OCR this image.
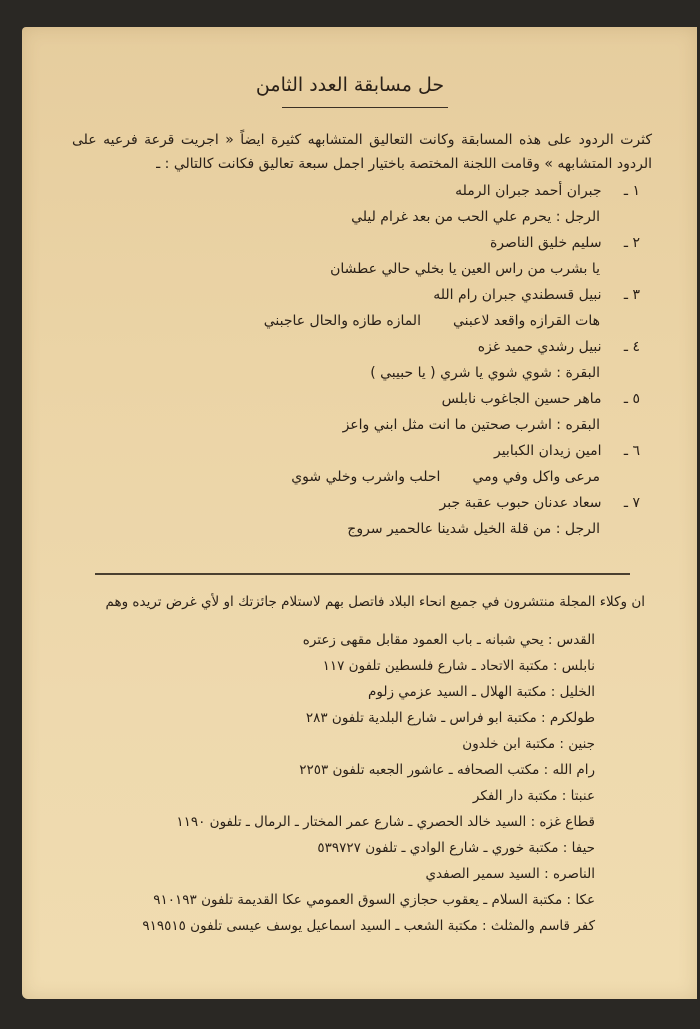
حل مسابقة العدد الثامن
كثرت الردود على هذه المسابقة وكانت التعاليق المتشابهه كثيرة ايضاً « اجريت قرعة فرعيه على الردود المتشابهه » وقامت اللجنة المختصة باختيار اجمل سبعة تعاليق فكانت كالتالي : ـ
١ ـ جبران أحمد جبران الرمله
الرجل : يحرم علي الحب من بعد غرام ليلي
٢ ـ سليم خليق الناصرة
يا بشرب من راس العين يا بخلي حالي عطشان
٣ ـ نبيل قسطندي جبران رام الله
هات القرازه واقعد لاعبنيالمازه طازه والحال عاجبني
٤ ـ نبيل رشدي حميد غزه
البقرة : شوي شوي يا شري ( يا حبيبي )
٥ ـ ماهر حسين الجاغوب نابلس
البقره : اشرب صحتين ما انت مثل ابني واعز
٦ ـ امين زيدان الكبابير
مرعى واكل وفي ومياحلب واشرب وخلي شوي
٧ ـ سعاد عدنان حبوب عقبة جبر
الرجل : من قلة الخيل شدينا عالحمير سروج
ان وكلاء المجلة منتشرون في جميع انحاء البلاد فاتصل بهم لاستلام جائزتك او لأي غرض تريده وهم
القدس : يحي شبانه ـ باب العمود مقابل مقهى زعتره
نابلس : مكتبة الاتحاد ـ شارع فلسطين تلفون ١١٧
الخليل : مكتبة الهلال ـ السيد عزمي زلوم
طولكرم : مكتبة ابو فراس ـ شارع البلدية تلفون ٢٨٣
جنين : مكتبة ابن خلدون
رام الله : مكتب الصحافه ـ عاشور الجعبه تلفون ٢٢٥٣
عنبتا : مكتبة دار الفكر
قطاع غزه : السيد خالد الحصري ـ شارع عمر المختار ـ الرمال ـ تلفون ١١٩٠
حيفا : مكتبة خوري ـ شارع الوادي ـ تلفون ٥٣٩٧٢٧
الناصره : السيد سمير الصفدي
عكا : مكتبة السلام ـ يعقوب حجازي السوق العمومي عكا القديمة تلفون ٩١٠١٩٣
كفر قاسم والمثلث : مكتبة الشعب ـ السيد اسماعيل يوسف عيسى تلفون ٩١٩٥١٥
